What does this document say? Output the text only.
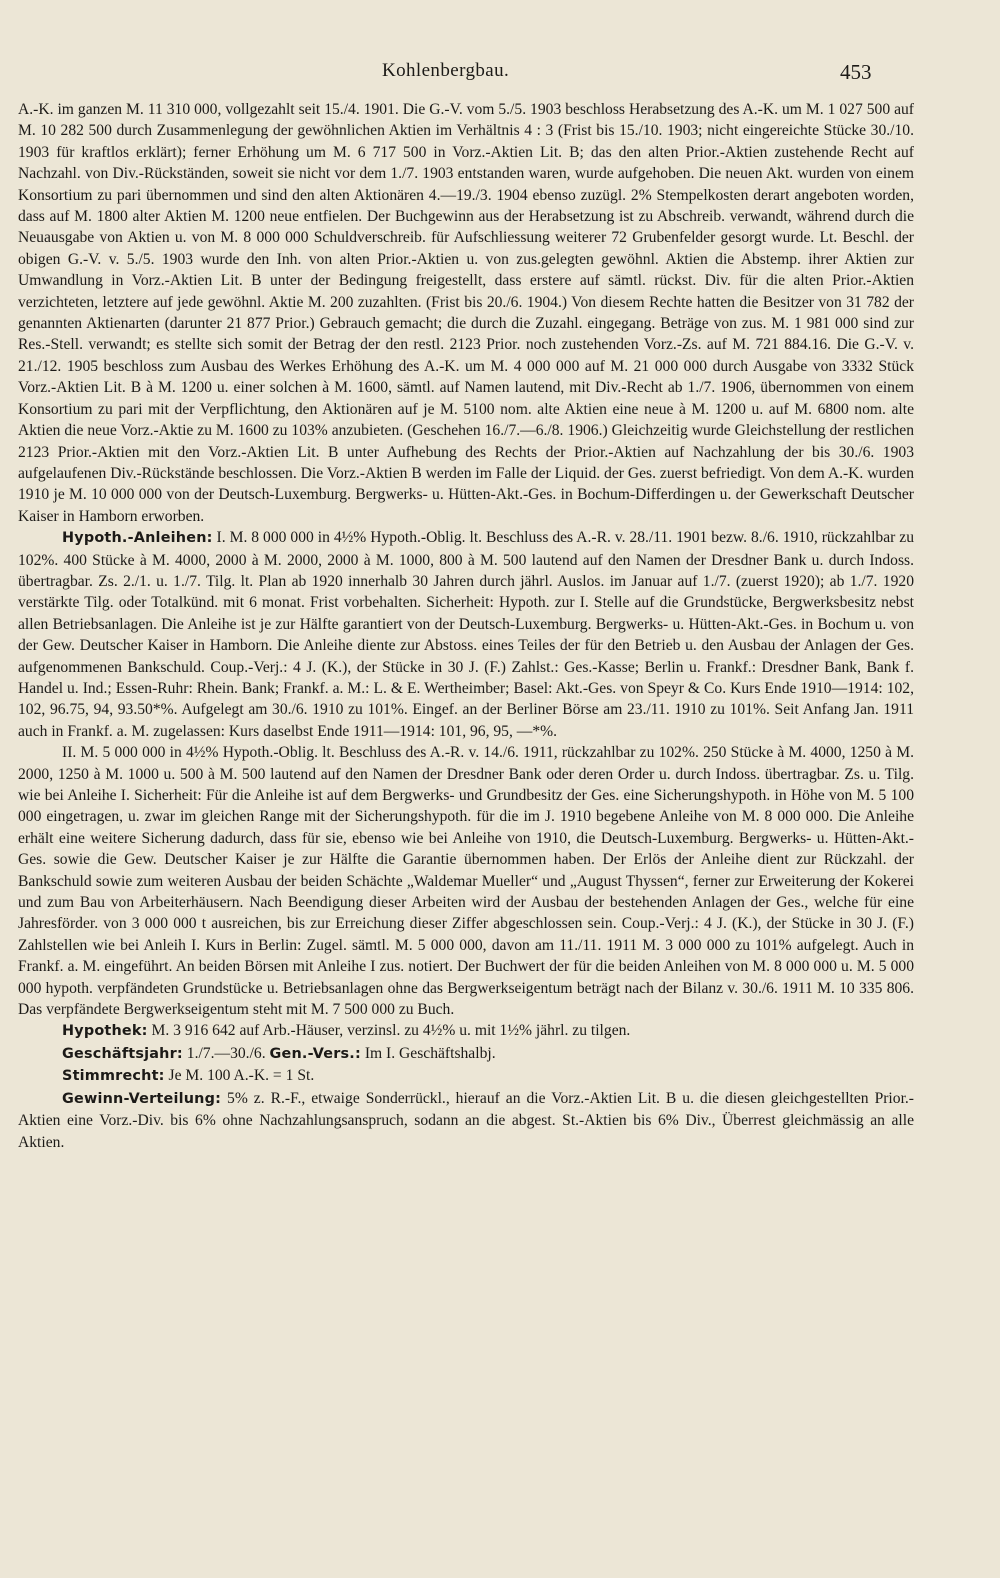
Kohlenbergbau.	453

A.-K. im ganzen M. 11 310 000, vollgezahlt seit 15./4. 1901. Die G.-V. vom 5./5. 1903 beschloss Herabsetzung des A.-K. um M. 1 027 500 auf M. 10 282 500 durch Zusammenlegung der gewöhnlichen Aktien im Verhältnis 4 : 3 (Frist bis 15./10. 1903; nicht eingereichte Stücke 30./10. 1903 für kraftlos erklärt); ferner Erhöhung um M. 6 717 500 in Vorz.-Aktien Lit. B; das den alten Prior.-Aktien zustehende Recht auf Nachzahl. von Div.-Rückständen, soweit sie nicht vor dem 1./7. 1903 entstanden waren, wurde aufgehoben. Die neuen Akt. wurden von einem Konsortium zu pari übernommen und sind den alten Aktionären 4.—19./3. 1904 ebenso zuzügl. 2% Stempelkosten derart angeboten worden, dass auf M. 1800 alter Aktien M. 1200 neue entfielen. Der Buchgewinn aus der Herabsetzung ist zu Abschreib. verwandt, während durch die Neuausgabe von Aktien u. von M. 8 000 000 Schuldverschreib. für Aufschliessung weiterer 72 Grubenfelder gesorgt wurde. Lt. Beschl. der obigen G.-V. v. 5./5. 1903 wurde den Inh. von alten Prior.-Aktien u. von zus.gelegten gewöhnl. Aktien die Abstemp. ihrer Aktien zur Umwandlung in Vorz.-Aktien Lit. B unter der Bedingung freigestellt, dass erstere auf sämtl. rückst. Div. für die alten Prior.-Aktien verzichteten, letztere auf jede gewöhnl. Aktie M. 200 zuzahlten. (Frist bis 20./6. 1904.) Von diesem Rechte hatten die Besitzer von 31 782 der genannten Aktienarten (darunter 21 877 Prior.) Gebrauch gemacht; die durch die Zuzahl. eingegang. Beträge von zus. M. 1 981 000 sind zur Res.-Stell. verwandt; es stellte sich somit der Betrag der den restl. 2123 Prior. noch zustehenden Vorz.-Zs. auf M. 721 884.16. Die G.-V. v. 21./12. 1905 beschloss zum Ausbau des Werkes Erhöhung des A.-K. um M. 4 000 000 auf M. 21 000 000 durch Ausgabe von 3332 Stück Vorz.-Aktien Lit. B à M. 1200 u. einer solchen à M. 1600, sämtl. auf Namen lautend, mit Div.-Recht ab 1./7. 1906, übernommen von einem Konsortium zu pari mit der Verpflichtung, den Aktionären auf je M. 5100 nom. alte Aktien eine neue à M. 1200 u. auf M. 6800 nom. alte Aktien die neue Vorz.-Aktie zu M. 1600 zu 103% anzubieten. (Geschehen 16./7.—6./8. 1906.) Gleichzeitig wurde Gleichstellung der restlichen 2123 Prior.-Aktien mit den Vorz.-Aktien Lit. B unter Aufhebung des Rechts der Prior.-Aktien auf Nachzahlung der bis 30./6. 1903 aufgelaufenen Div.-Rückstände beschlossen. Die Vorz.-Aktien B werden im Falle der Liquid. der Ges. zuerst befriedigt. Von dem A.-K. wurden 1910 je M. 10 000 000 von der Deutsch-Luxemburg. Bergwerks- u. Hütten-Akt.-Ges. in Bochum-Differdingen u. der Gewerkschaft Deutscher Kaiser in Hamborn erworben.

Hypoth.-Anleihen: I. M. 8 000 000 in 4½% Hypoth.-Oblig. lt. Beschluss des A.-R. v. 28./11. 1901 bezw. 8./6. 1910, rückzahlbar zu 102%. 400 Stücke à M. 4000, 2000 à M. 2000, 2000 à M. 1000, 800 à M. 500 lautend auf den Namen der Dresdner Bank u. durch Indoss. übertragbar. Zs. 2./1. u. 1./7. Tilg. lt. Plan ab 1920 innerhalb 30 Jahren durch jährl. Auslos. im Januar auf 1./7. (zuerst 1920); ab 1./7. 1920 verstärkte Tilg. oder Totalkünd. mit 6 monat. Frist vorbehalten. Sicherheit: Hypoth. zur I. Stelle auf die Grundstücke, Bergwerksbesitz nebst allen Betriebsanlagen. Die Anleihe ist je zur Hälfte garantiert von der Deutsch-Luxemburg. Bergwerks- u. Hütten-Akt.-Ges. in Bochum u. von der Gew. Deutscher Kaiser in Hamborn. Die Anleihe diente zur Abstoss. eines Teiles der für den Betrieb u. den Ausbau der Anlagen der Ges. aufgenommenen Bankschuld. Coup.-Verj.: 4 J. (K.), der Stücke in 30 J. (F.) Zahlst.: Ges.-Kasse; Berlin u. Frankf.: Dresdner Bank, Bank f. Handel u. Ind.; Essen-Ruhr: Rhein. Bank; Frankf. a. M.: L. & E. Wertheimber; Basel: Akt.-Ges. von Speyr & Co. Kurs Ende 1910—1914: 102, 102, 96.75, 94, 93.50*%. Aufgelegt am 30./6. 1910 zu 101%. Eingef. an der Berliner Börse am 23./11. 1910 zu 101%. Seit Anfang Jan. 1911 auch in Frankf. a. M. zugelassen: Kurs daselbst Ende 1911—1914: 101, 96, 95, —*%.

II. M. 5 000 000 in 4½% Hypoth.-Oblig. lt. Beschluss des A.-R. v. 14./6. 1911, rückzahlbar zu 102%. 250 Stücke à M. 4000, 1250 à M. 2000, 1250 à M. 1000 u. 500 à M. 500 lautend auf den Namen der Dresdner Bank oder deren Order u. durch Indoss. übertragbar. Zs. u. Tilg. wie bei Anleihe I. Sicherheit: Für die Anleihe ist auf dem Bergwerks- und Grundbesitz der Ges. eine Sicherungshypoth. in Höhe von M. 5 100 000 eingetragen, u. zwar im gleichen Range mit der Sicherungshypoth. für die im J. 1910 begebene Anleihe von M. 8 000 000. Die Anleihe erhält eine weitere Sicherung dadurch, dass für sie, ebenso wie bei Anleihe von 1910, die Deutsch-Luxemburg. Bergwerks- u. Hütten-Akt.-Ges. sowie die Gew. Deutscher Kaiser je zur Hälfte die Garantie übernommen haben. Der Erlös der Anleihe dient zur Rückzahl. der Bankschuld sowie zum weiteren Ausbau der beiden Schächte „Waldemar Mueller“ und „August Thyssen“, ferner zur Erweiterung der Kokerei und zum Bau von Arbeiterhäusern. Nach Beendigung dieser Arbeiten wird der Ausbau der bestehenden Anlagen der Ges., welche für eine Jahresförder. von 3 000 000 t ausreichen, bis zur Erreichung dieser Ziffer abgeschlossen sein. Coup.-Verj.: 4 J. (K.), der Stücke in 30 J. (F.) Zahlstellen wie bei Anleih I. Kurs in Berlin: Zugel. sämtl. M. 5 000 000, davon am 11./11. 1911 M. 3 000 000 zu 101% aufgelegt. Auch in Frankf. a. M. eingeführt. An beiden Börsen mit Anleihe I zus. notiert. Der Buchwert der für die beiden Anleihen von M. 8 000 000 u. M. 5 000 000 hypoth. verpfändeten Grundstücke u. Betriebsanlagen ohne das Bergwerkseigentum beträgt nach der Bilanz v. 30./6. 1911 M. 10 335 806. Das verpfändete Bergwerkseigentum steht mit M. 7 500 000 zu Buch.

Hypothek: M. 3 916 642 auf Arb.-Häuser, verzinsl. zu 4½% u. mit 1½% jährl. zu tilgen.

Geschäftsjahr: 1./7.—30./6. Gen.-Vers.: Im I. Geschäftshalbj.

Stimmrecht: Je M. 100 A.-K. = 1 St.

Gewinn-Verteilung: 5% z. R.-F., etwaige Sonderrückl., hierauf an die Vorz.-Aktien Lit. B u. die diesen gleichgestellten Prior.-Aktien eine Vorz.-Div. bis 6% ohne Nachzahlungsanspruch, sodann an die abgest. St.-Aktien bis 6% Div., Überrest gleichmässig an alle Aktien.
